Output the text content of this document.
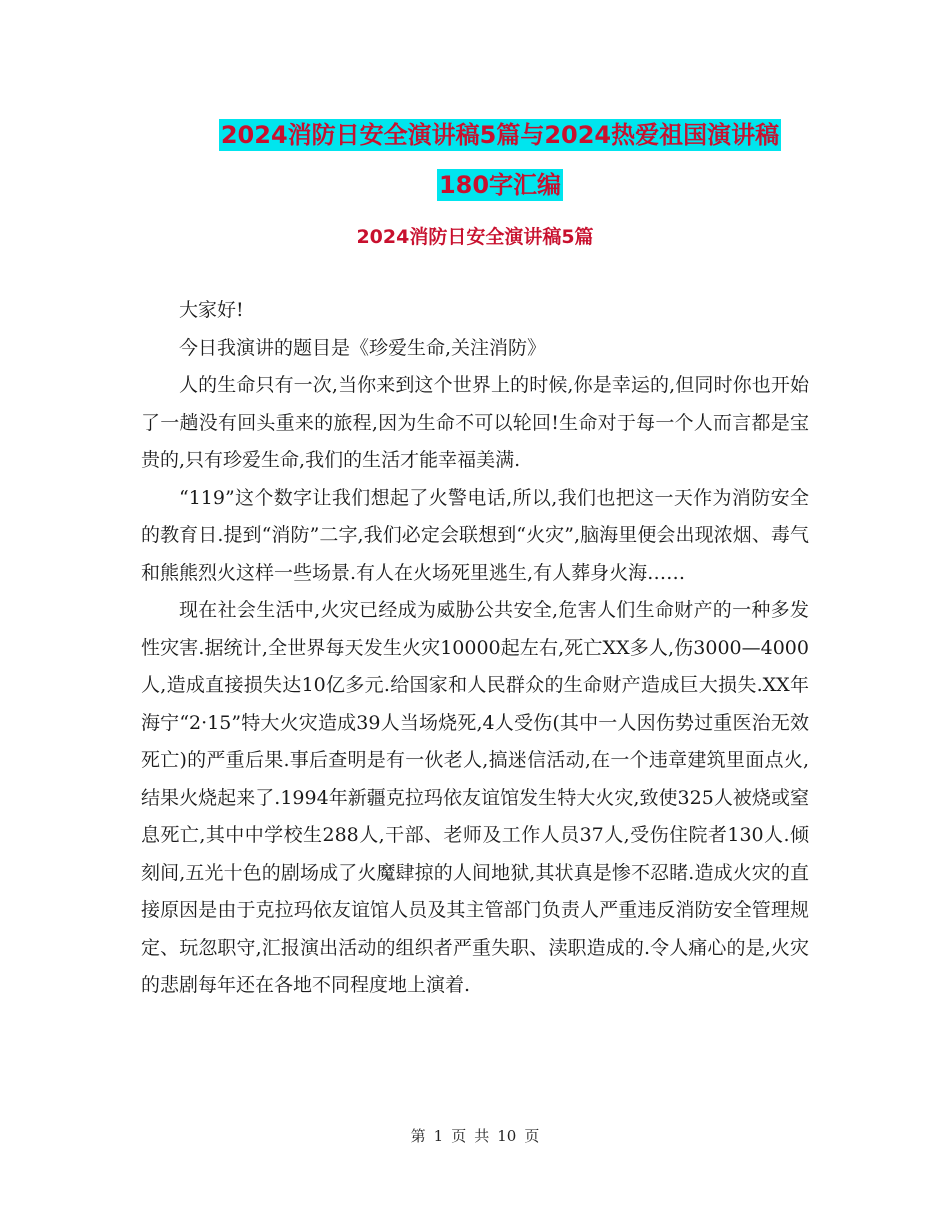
2024消防日安全演讲稿5篇与2024热爱祖国演讲稿
180字汇编
2024消防日安全演讲稿5篇

大家好!

今日我演讲的题目是《珍爱生命,关注消防》

人的生命只有一次,当你来到这个世界上的时候,你是幸运的,但同时你也开始了一趟没有回头重来的旅程,因为生命不可以轮回!生命对于每一个人而言都是宝贵的,只有珍爱生命,我们的生活才能幸福美满.

“119”这个数字让我们想起了火警电话,所以,我们也把这一天作为消防安全的教育日.提到“消防”二字,我们必定会联想到“火灾”,脑海里便会出现浓烟、毒气和熊熊烈火这样一些场景.有人在火场死里逃生,有人葬身火海……

现在社会生活中,火灾已经成为威胁公共安全,危害人们生命财产的一种多发性灾害.据统计,全世界每天发生火灾10000起左右,死亡XX多人,伤3000—4000人,造成直接损失达10亿多元.给国家和人民群众的生命财产造成巨大损失.XX年海宁“2·15”特大火灾造成39人当场烧死,4人受伤(其中一人因伤势过重医治无效死亡)的严重后果.事后查明是有一伙老人,搞迷信活动,在一个违章建筑里面点火,结果火烧起来了.1994年新疆克拉玛依友谊馆发生特大火灾,致使325人被烧或窒息死亡,其中中学校生288人,干部、老师及工作人员37人,受伤住院者130人.倾刻间,五光十色的剧场成了火魔肆掠的人间地狱,其状真是惨不忍睹.造成火灾的直接原因是由于克拉玛依友谊馆人员及其主管部门负责人严重违反消防安全管理规定、玩忽职守,汇报演出活动的组织者严重失职、渎职造成的.令人痛心的是,火灾的悲剧每年还在各地不同程度地上演着.

第 1 页 共 10 页
